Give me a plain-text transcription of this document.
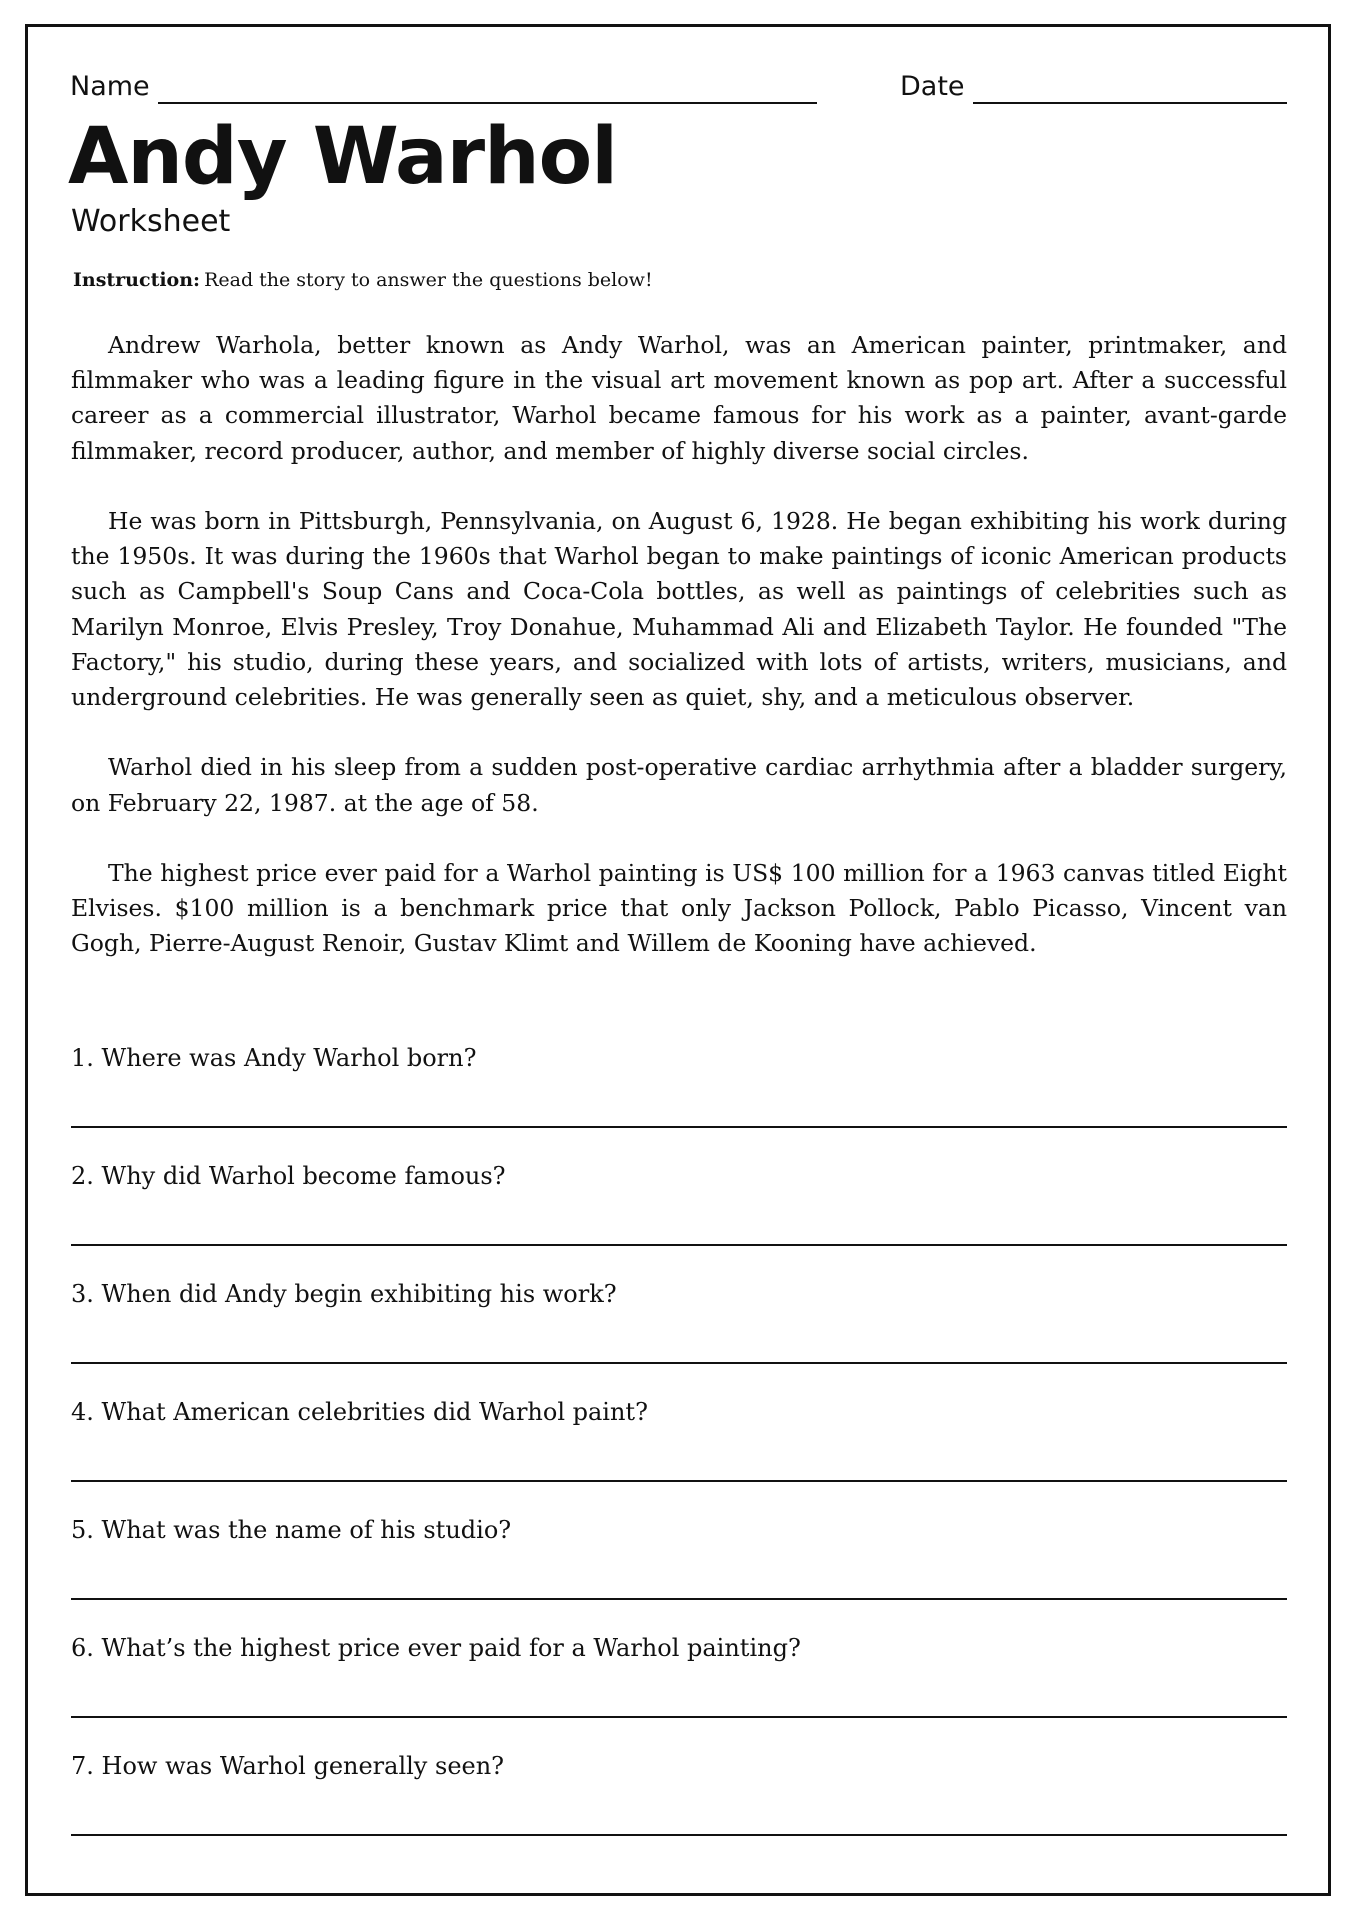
Name	Date
Andy Warhol
Worksheet
Instruction: Read the story to answer the questions below!

Andrew Warhola, better known as Andy Warhol, was an American painter, printmaker, and filmmaker who was a leading figure in the visual art movement known as pop art. After a successful career as a commercial illustrator, Warhol became famous for his work as a painter, avant-garde filmmaker, record producer, author, and member of highly diverse social circles.

He was born in Pittsburgh, Pennsylvania, on August 6, 1928. He began exhibiting his work during the 1950s. It was during the 1960s that Warhol began to make paintings of iconic American products such as Campbell's Soup Cans and Coca-Cola bottles, as well as paintings of celebrities such as Marilyn Monroe, Elvis Presley, Troy Donahue, Muhammad Ali and Elizabeth Taylor. He founded "The Factory," his studio, during these years, and socialized with lots of artists, writers, musicians, and underground celebrities. He was generally seen as quiet, shy, and a meticulous observer.

Warhol died in his sleep from a sudden post-operative cardiac arrhythmia after a bladder surgery, on February 22, 1987. at the age of 58.

The highest price ever paid for a Warhol painting is US$ 100 million for a 1963 canvas titled Eight Elvises. $100 million is a benchmark price that only Jackson Pollock, Pablo Picasso, Vincent van Gogh, Pierre-August Renoir, Gustav Klimt and Willem de Kooning have achieved.

1. Where was Andy Warhol born?
2. Why did Warhol become famous?
3. When did Andy begin exhibiting his work?
4. What American celebrities did Warhol paint?
5. What was the name of his studio?
6. What’s the highest price ever paid for a Warhol painting?
7. How was Warhol generally seen?
